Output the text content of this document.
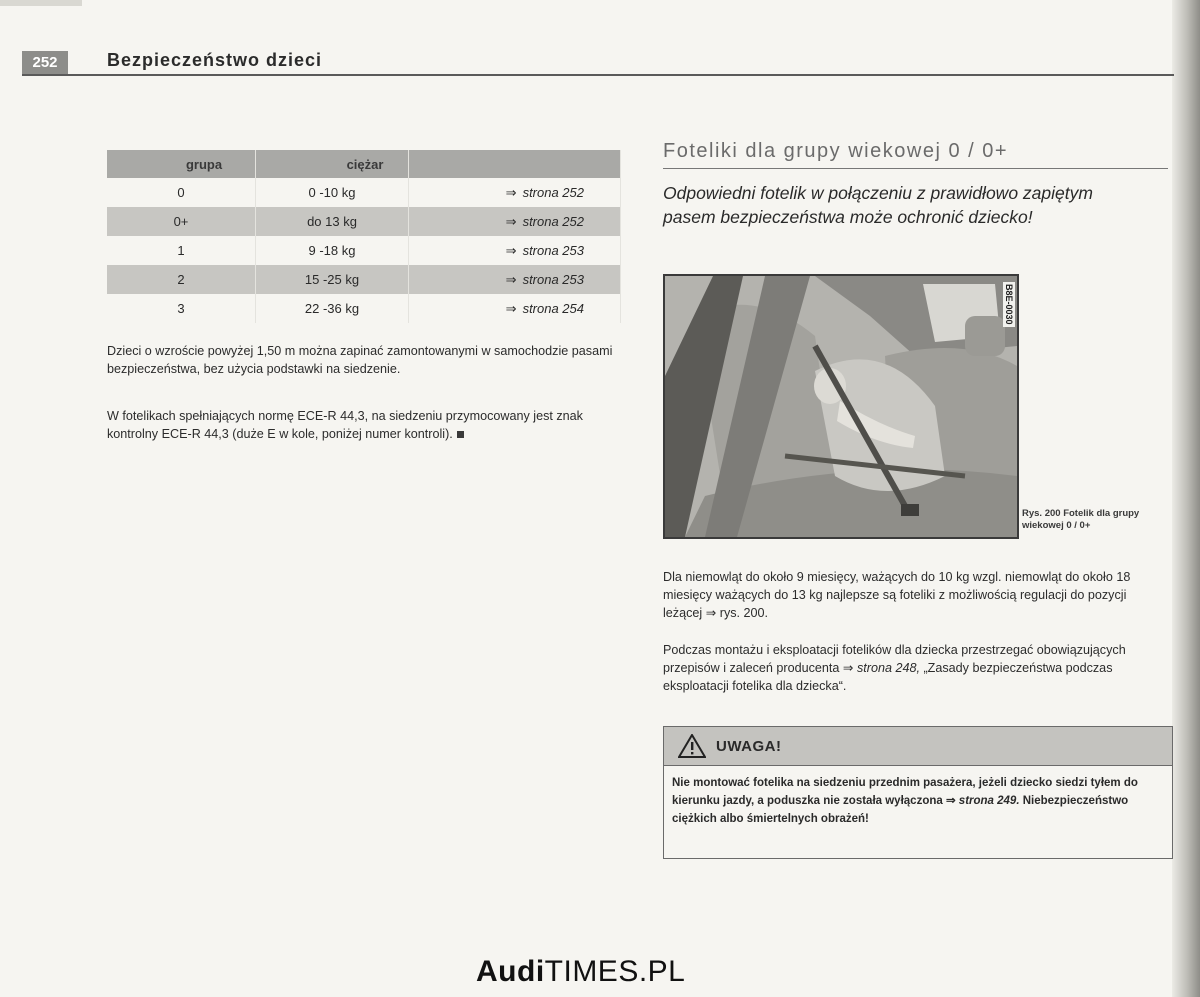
252	Bezpieczeństwo dzieci
grupa	ciężar	
0	0 -10 kg	⇒ strona 252
0+	do 13 kg	⇒ strona 252
1	9 -18 kg	⇒ strona 253
2	15 -25 kg	⇒ strona 253
3	22 -36 kg	⇒ strona 254

Dzieci o wzroście powyżej 1,50 m można zapinać zamontowanymi w samochodzie pasami bezpieczeństwa, bez użycia podstawki na siedzenie.

W fotelikach spełniających normę ECE-R 44,3, na siedzeniu przymocowany jest znak kontrolny ECE-R 44,3 (duże E w kole, poniżej numer kontroli).

Foteliki dla grupy wiekowej 0 / 0+

Odpowiedni fotelik w połączeniu z prawidłowo zapiętym pasem bezpieczeństwa może ochronić dziecko!

B8E-0030
Rys. 200 Fotelik dla grupy wiekowej 0 / 0+

Dla niemowląt do około 9 miesięcy, ważących do 10 kg wzgl. niemowląt do około 18 miesięcy ważących do 13 kg najlepsze są foteliki z możliwością regulacji do pozycji leżącej ⇒ rys. 200.

Podczas montażu i eksploatacji fotelików dla dziecka przestrzegać obowiązujących przepisów i zaleceń producenta ⇒ strona 248, „Zasady bezpieczeństwa podczas eksploatacji fotelika dla dziecka“.

UWAGA!

Nie montować fotelika na siedzeniu przednim pasażera, jeżeli dziecko siedzi tyłem do kierunku jazdy, a poduszka nie została wyłączona ⇒ strona 249. Niebezpieczeństwo ciężkich albo śmiertelnych obrażeń!

AudiTIMES.PL
